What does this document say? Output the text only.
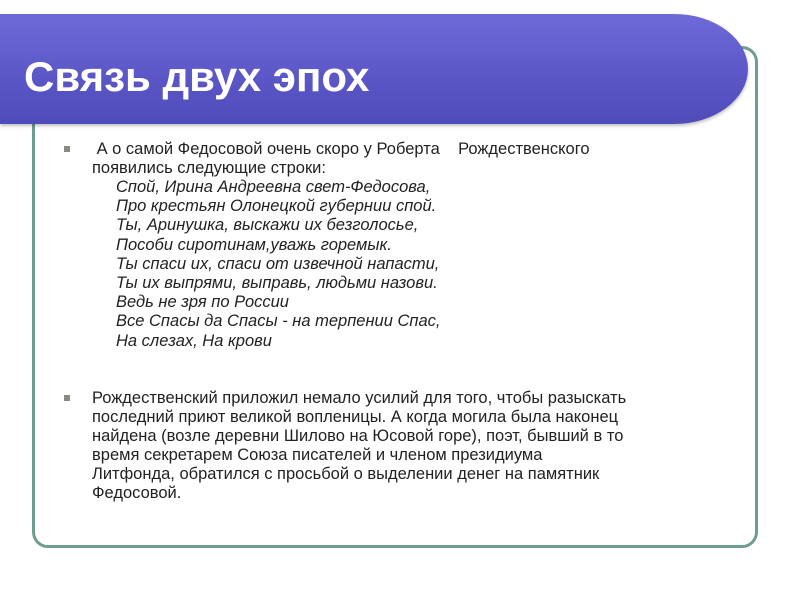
Связь двух эпох
А о самой Федосовой очень скоро у Роберта    Рождественского
появились следующие строки:
Спой, Ирина Андреевна свет-Федосова,
Про крестьян Олонецкой губернии спой.
Ты, Аринушка, выскажи их безголосье,
Пособи сиротинам,уважь горемык.
Ты спаси их, спаси от извечной напасти,
Ты их выпрями, выправь, людьми назови.
Ведь не зря по России
Все Спасы да Спасы - на терпении Спас,
На слезах, На крови
Рождественский приложил немало усилий для того, чтобы разыскать
последний приют великой вопленицы. А когда могила была наконец
найдена (возле деревни Шилово на Юсовой горе), поэт, бывший в то
время секретарем Союза писателей и членом президиума
Литфонда, обратился с просьбой о выделении денег на памятник
Федосовой.
